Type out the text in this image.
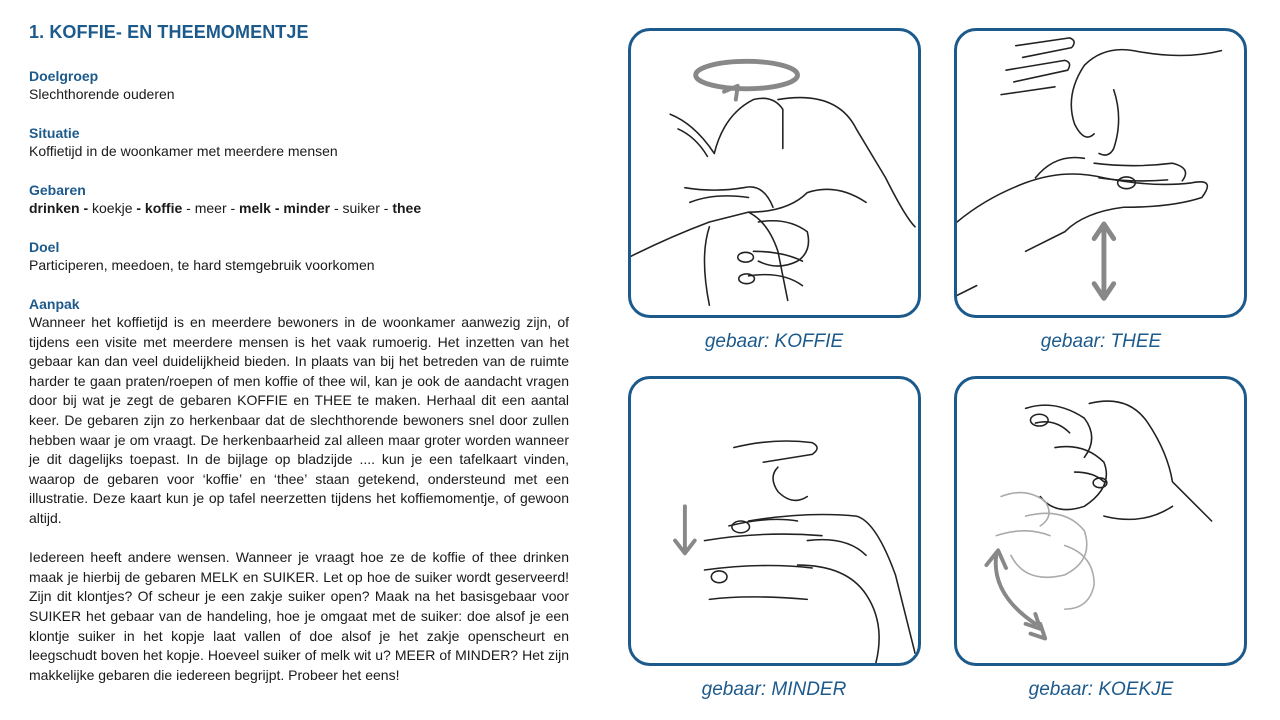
1. KOFFIE- EN THEEMOMENTJE

Doelgroep

Slechthorende ouderen

Situatie

Koffietijd in de woonkamer met meerdere mensen

Gebaren

drinken - koekje - koffie - meer - melk - minder - suiker - thee

Doel

Participeren, meedoen, te hard stemgebruik voorkomen

Aanpak

Wanneer het koffietijd is en meerdere bewoners in de woonkamer aanwezig zijn, of tijdens een visite met meerdere mensen is het vaak rumoerig. Het inzetten van het gebaar kan dan veel duidelijkheid bieden. In plaats van bij het betreden van de ruimte harder te gaan praten/roepen of men koffie of thee wil, kan je ook de aandacht vragen door bij wat je zegt de gebaren KOFFIE en THEE te maken. Herhaal dit een aantal keer. De gebaren zijn zo herkenbaar dat de slechthorende bewoners snel door zullen hebben waar je om vraagt. De herkenbaarheid zal alleen maar groter worden wanneer je dit dagelijks toepast. In de bijlage op bladzijde .... kun je een tafelkaart vinden, waarop de gebaren voor ‘koffie’ en ‘thee’ staan getekend, ondersteund met een illustratie. Deze kaart kun je op tafel neerzetten tijdens het koffiemomentje, of gewoon altijd.

Iedereen heeft andere wensen. Wanneer je vraagt hoe ze de koffie of thee drinken maak je hierbij de gebaren MELK en SUIKER. Let op hoe de suiker wordt geserveerd! Zijn dit klontjes? Of scheur je een zakje suiker open? Maak na het basisgebaar voor SUIKER het gebaar van de handeling, hoe je omgaat met de suiker: doe alsof je een klontje suiker in het kopje laat vallen of doe alsof je het zakje openscheurt en leegschudt boven het kopje. Hoeveel suiker of melk wit u? MEER of MINDER? Het zijn makkelijke gebaren die iedereen begrijpt. Probeer het eens!

gebaar: KOFFIE	gebaar: THEE
gebaar: MINDER	gebaar: KOEKJE
